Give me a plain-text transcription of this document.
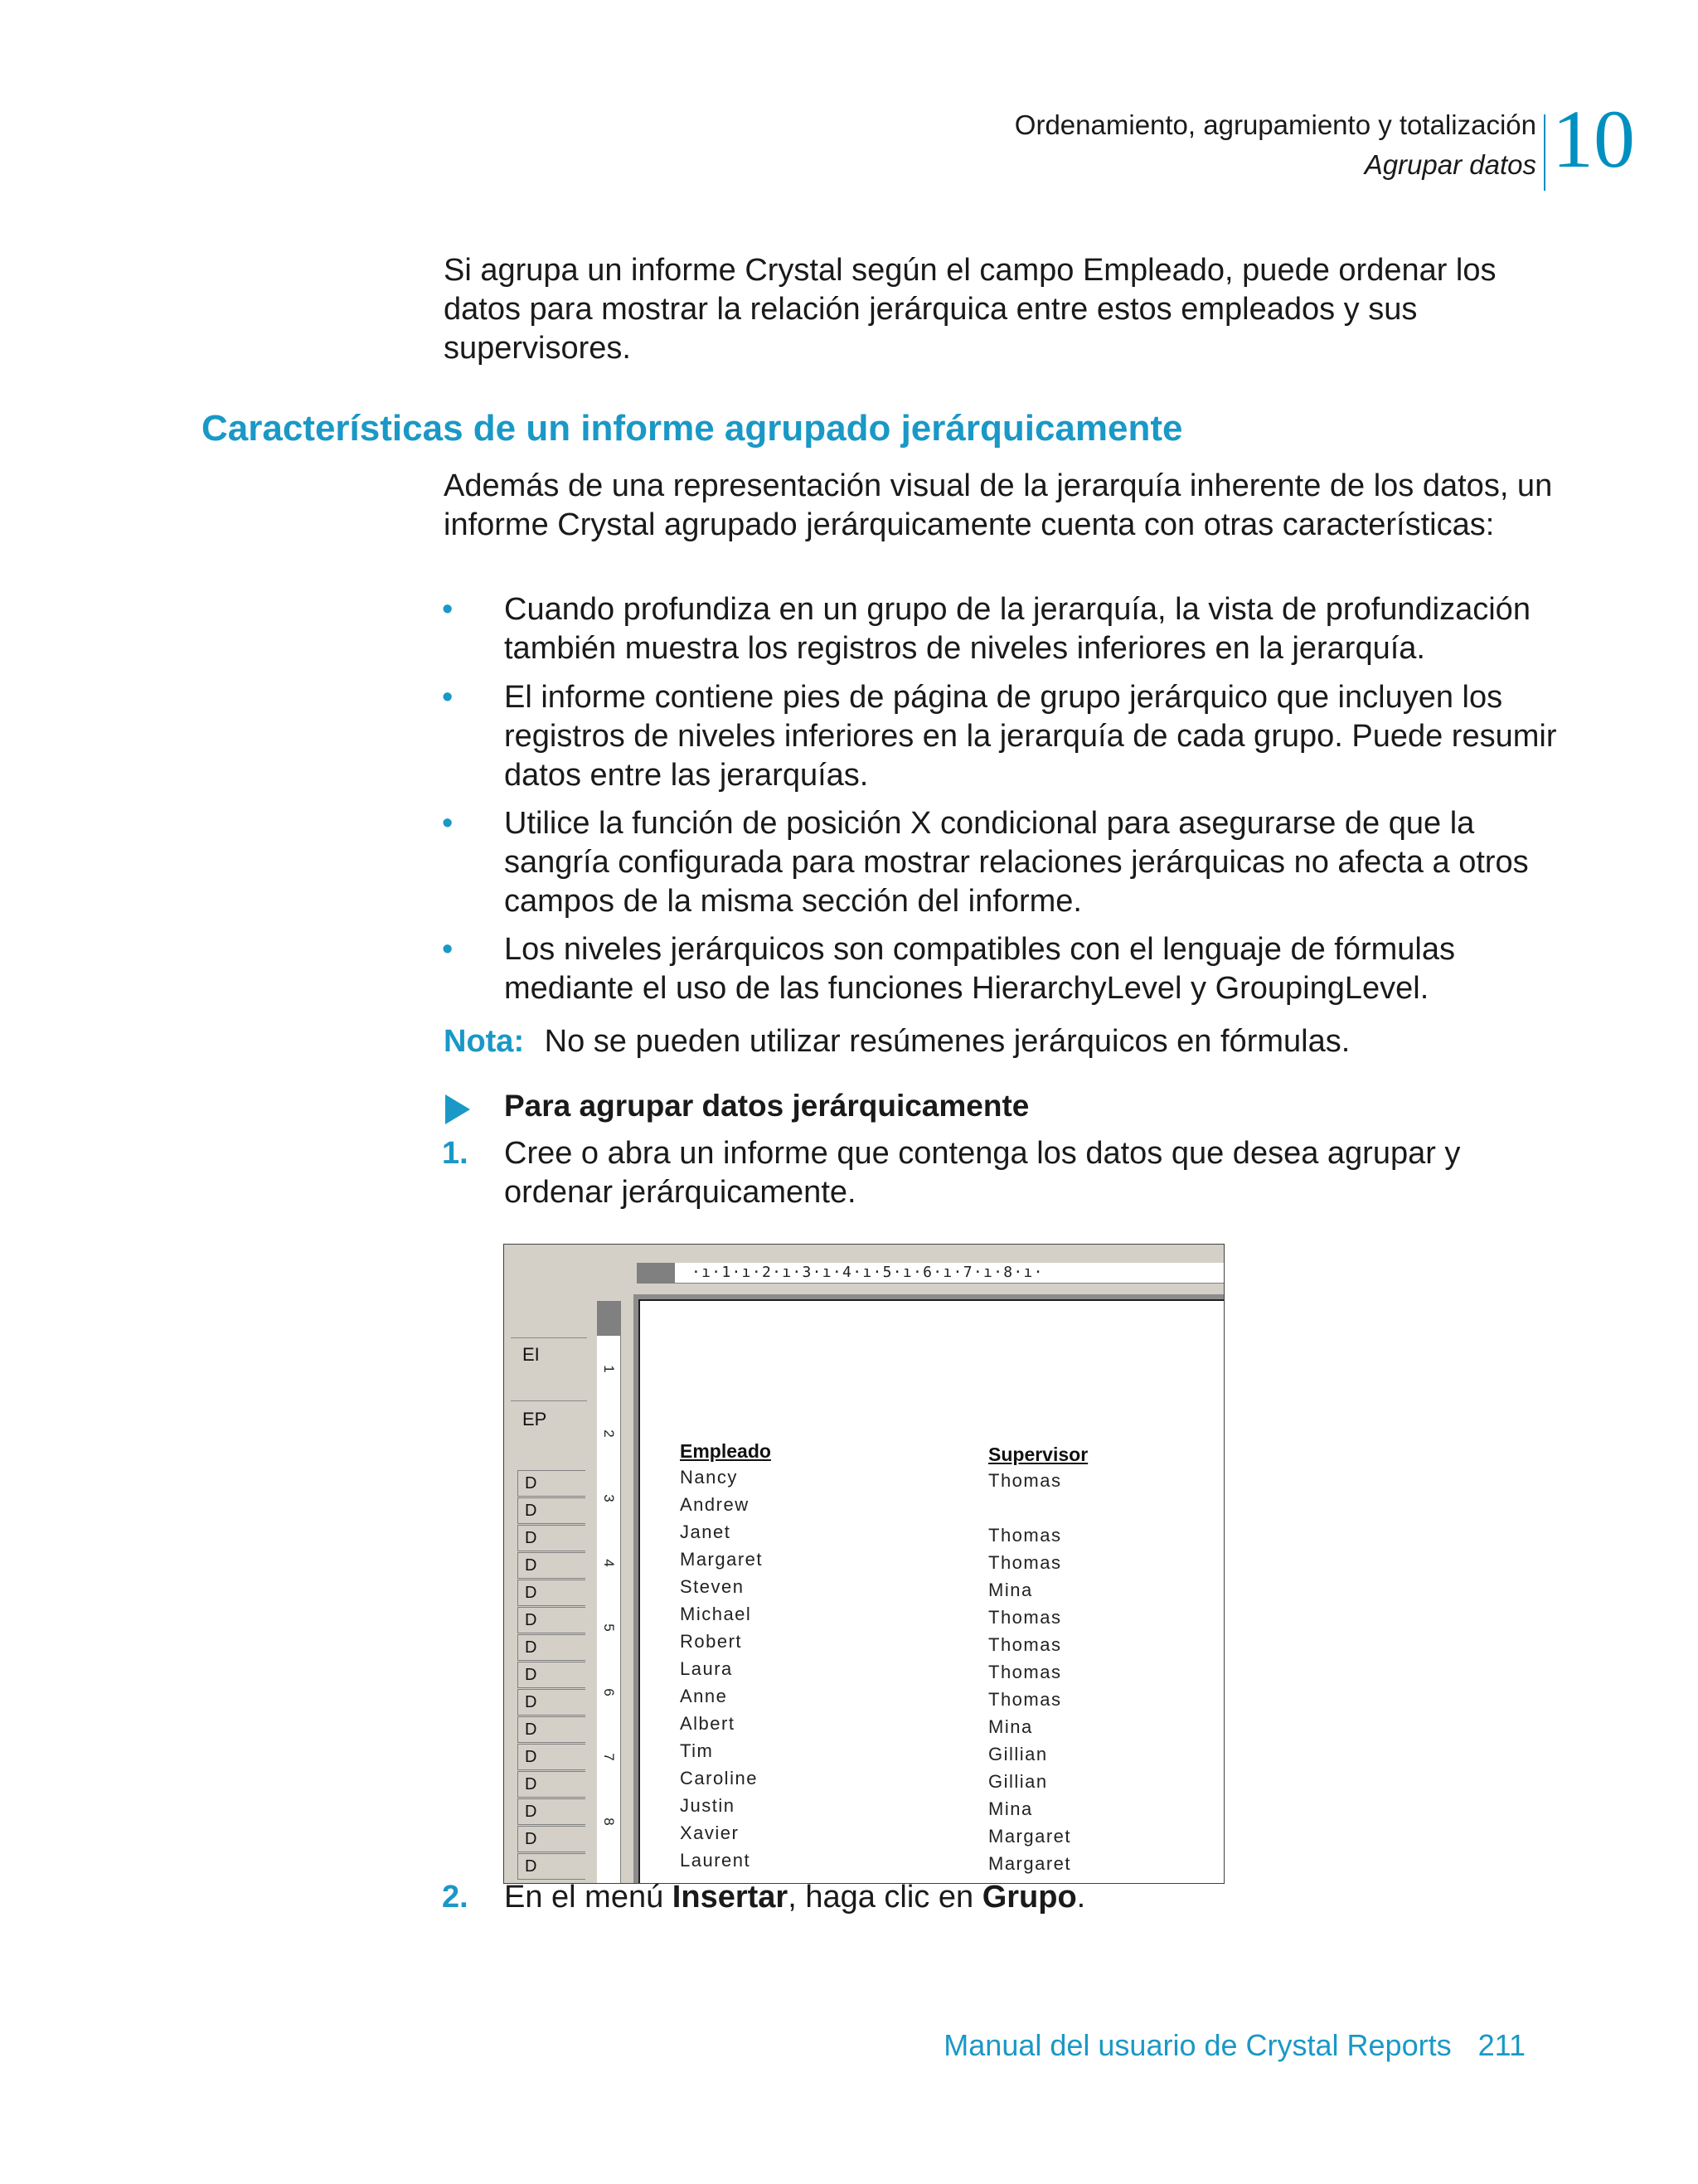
Ordenamiento, agrupamiento y totalización
Agrupar datos 10
Si agrupa un informe Crystal según el campo Empleado, puede ordenar los datos para mostrar la relación jerárquica entre estos empleados y sus supervisores.
Características de un informe agrupado jerárquicamente
Además de una representación visual de la jerarquía inherente de los datos, un informe Crystal agrupado jerárquicamente cuenta con otras características:
• Cuando profundiza en un grupo de la jerarquía, la vista de profundización también muestra los registros de niveles inferiores en la jerarquía.
• El informe contiene pies de página de grupo jerárquico que incluyen los registros de niveles inferiores en la jerarquía de cada grupo. Puede resumir datos entre las jerarquías.
• Utilice la función de posición X condicional para asegurarse de que la sangría configurada para mostrar relaciones jerárquicas no afecta a otros campos de la misma sección del informe.
• Los niveles jerárquicos son compatibles con el lenguaje de fórmulas mediante el uso de las funciones HierarchyLevel y GroupingLevel.
Nota: No se pueden utilizar resúmenes jerárquicos en fórmulas.
Para agrupar datos jerárquicamente
1. Cree o abra un informe que contenga los datos que desea agrupar y ordenar jerárquicamente.
·ı·1·ı·2·ı·3·ı·4·ı·5·ı·6·ı·7·ı·8·ı·
1
2
3
4
5
6
7
8
EI
EP
D
D
D
D
D
D
D
D
D
D
D
D
D
D
D
Empleado	Supervisor
Nancy	Thomas
Andrew
Janet	Thomas
Margaret	Thomas
Steven	Mina
Michael	Thomas
Robert	Thomas
Laura	Thomas
Anne	Thomas
Albert	Mina
Tim	Gillian
Caroline	Gillian
Justin	Mina
Xavier	Margaret
Laurent	Margaret
2. En el menú Insertar, haga clic en Grupo.
Manual del usuario de Crystal Reports 211
